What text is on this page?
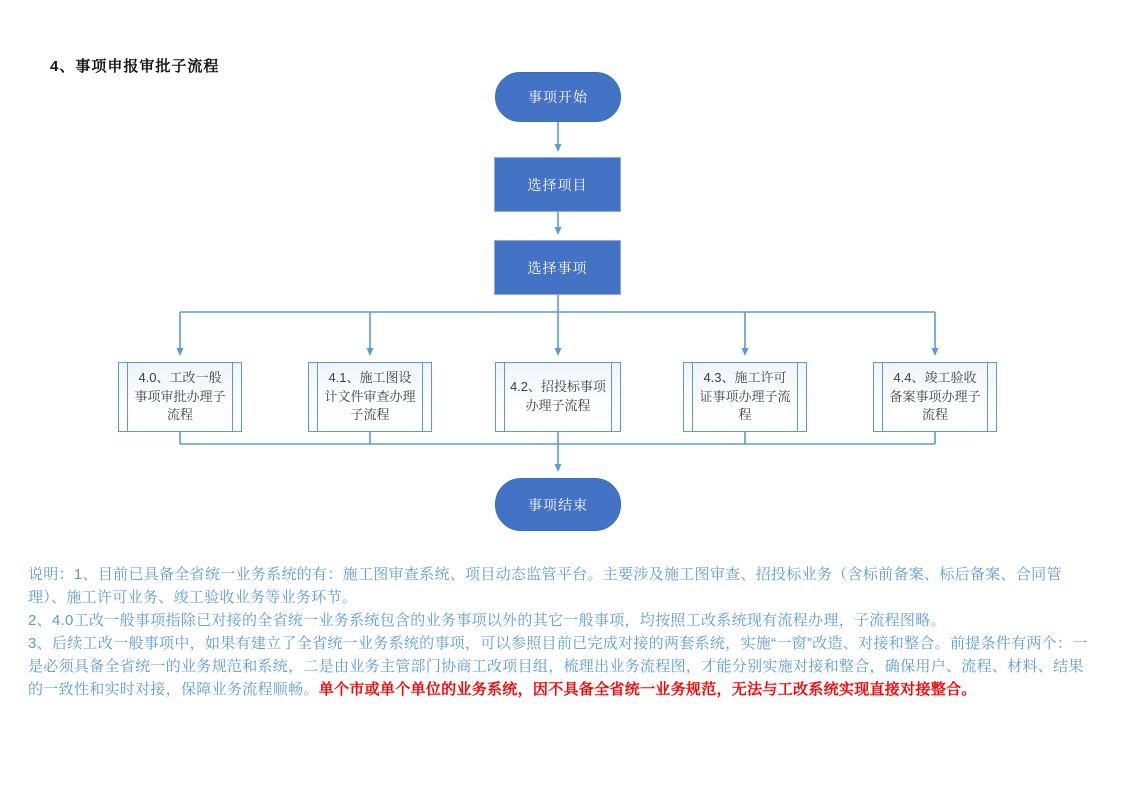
4、事项申报审批子流程
事项开始
选择项目
选择事项
4.0、工改一般事项审批办理子流程
4.1、施工图设计文件审查办理子流程
4.2、招投标事项办理子流程
4.3、施工许可证事项办理子流程
4.4、竣工验收备案事项办理子流程
事项结束

说明：1、目前已具备全省统一业务系统的有：施工图审查系统、项目动态监管平台。主要涉及施工图审查、招投标业务（含标前备案、标后备案、合同管理）、施工许可业务、竣工验收业务等业务环节。

2、4.0工改一般事项指除已对接的全省统一业务系统包含的业务事项以外的其它一般事项，均按照工改系统现有流程办理，子流程图略。

3、后续工改一般事项中，如果有建立了全省统一业务系统的事项，可以参照目前已完成对接的两套系统，实施“一窗”改造、对接和整合。前提条件有两个：一是必须具备全省统一的业务规范和系统，二是由业务主管部门协商工改项目组，梳理出业务流程图，才能分别实施对接和整合，确保用户、流程、材料、结果的一致性和实时对接，保障业务流程顺畅。单个市或单个单位的业务系统，因不具备全省统一业务规范，无法与工改系统实现直接对接整合。
